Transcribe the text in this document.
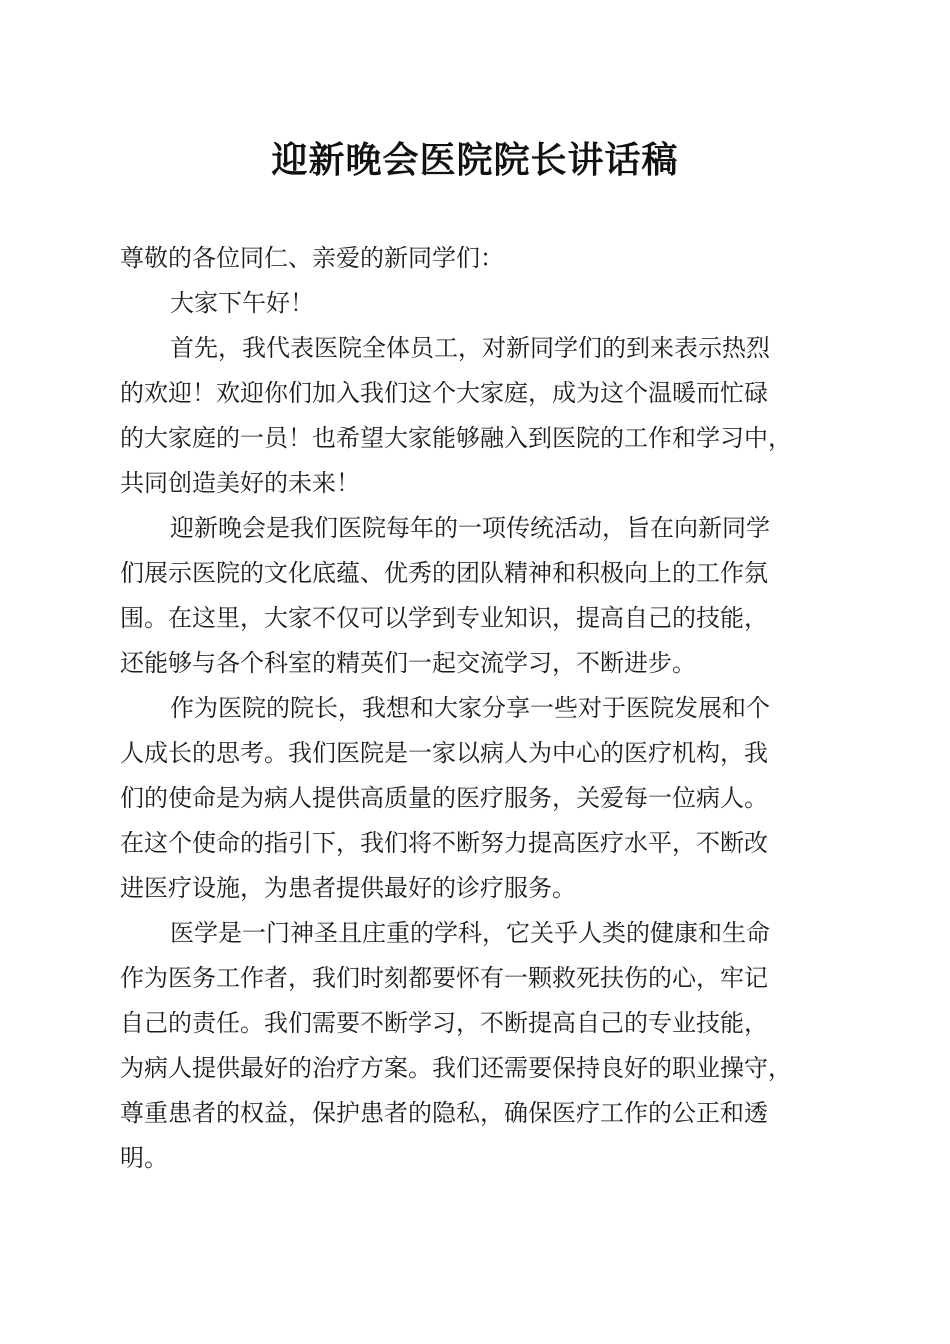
迎新晚会医院院长讲话稿

尊敬的各位同仁、亲爱的新同学们：

大家下午好！

首先，我代表医院全体员工，对新同学们的到来表示热烈

的欢迎！欢迎你们加入我们这个大家庭，成为这个温暖而忙碌

的大家庭的一员！也希望大家能够融入到医院的工作和学习中，

共同创造美好的未来！

迎新晚会是我们医院每年的一项传统活动，旨在向新同学

们展示医院的文化底蕴、优秀的团队精神和积极向上的工作氛

围。在这里，大家不仅可以学到专业知识，提高自己的技能，

还能够与各个科室的精英们一起交流学习，不断进步。

作为医院的院长，我想和大家分享一些对于医院发展和个

人成长的思考。我们医院是一家以病人为中心的医疗机构，我

们的使命是为病人提供高质量的医疗服务，关爱每一位病人。

在这个使命的指引下，我们将不断努力提高医疗水平，不断改

进医疗设施，为患者提供最好的诊疗服务。

医学是一门神圣且庄重的学科，它关乎人类的健康和生命

作为医务工作者，我们时刻都要怀有一颗救死扶伤的心，牢记

自己的责任。我们需要不断学习，不断提高自己的专业技能，

为病人提供最好的治疗方案。我们还需要保持良好的职业操守，

尊重患者的权益，保护患者的隐私，确保医疗工作的公正和透

明。
